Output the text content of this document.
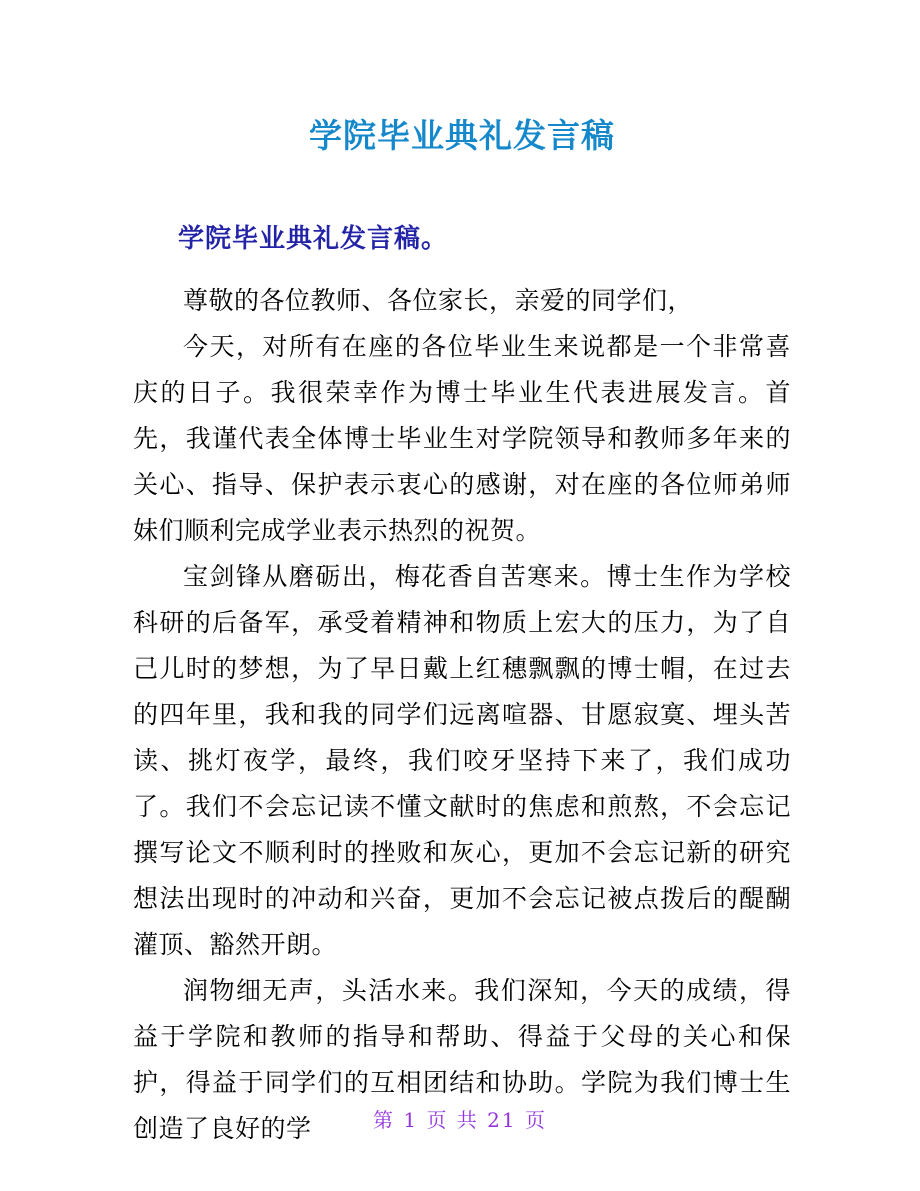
学院毕业典礼发言稿
学院毕业典礼发言稿。

尊敬的各位教师、各位家长，亲爱的同学们，

今天，对所有在座的各位毕业生来说都是一个非常喜庆的日子。我很荣幸作为博士毕业生代表进展发言。首先，我谨代表全体博士毕业生对学院领导和教师多年来的关心、指导、保护表示衷心的感谢，对在座的各位师弟师妹们顺利完成学业表示热烈的祝贺。

宝剑锋从磨砺出，梅花香自苦寒来。博士生作为学校科研的后备军，承受着精神和物质上宏大的压力，为了自己儿时的梦想，为了早日戴上红穗飘飘的博士帽，在过去的四年里，我和我的同学们远离喧器、甘愿寂寞、埋头苦读、挑灯夜学，最终，我们咬牙坚持下来了，我们成功了。我们不会忘记读不懂文献时的焦虑和煎熬，不会忘记撰写论文不顺利时的挫败和灰心，更加不会忘记新的研究想法出现时的冲动和兴奋，更加不会忘记被点拨后的醍醐灌顶、豁然开朗。

润物细无声，头活水来。我们深知，今天的成绩，得益于学院和教师的指导和帮助、得益于父母的关心和保护，得益于同学们的互相团结和协助。学院为我们博士生创造了良好的学	第 1 页 共 21 页
